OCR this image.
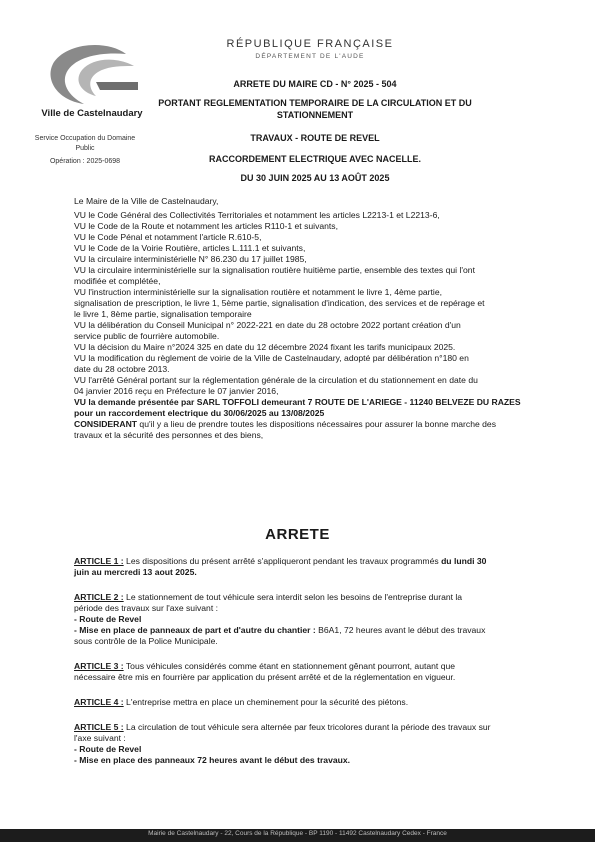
Ville de Castelnaudary
Service Occupation du Domaine Public
Opération : 2025-0698
RÉPUBLIQUE FRANÇAISE
DÉPARTEMENT DE L'AUDE
ARRETE DU MAIRE CD - N° 2025 - 504
PORTANT REGLEMENTATION TEMPORAIRE DE LA CIRCULATION ET DU
STATIONNEMENT
TRAVAUX - ROUTE DE REVEL
RACCORDEMENT ELECTRIQUE AVEC NACELLE.
DU 30 JUIN 2025 AU 13 AOÛT 2025
Le Maire de la Ville de Castelnaudary,
VU le Code Général des Collectivités Territoriales et notamment les articles L2213-1 et L2213-6,
VU le Code de la Route et notamment les articles R110-1 et suivants,
VU le Code Pénal et notamment l'article R.610-5,
VU le Code de la Voirie Routière, articles L.111.1 et suivants,
VU la circulaire interministérielle N° 86.230 du 17 juillet 1985,
VU la circulaire interministérielle sur la signalisation routière huitième partie, ensemble des textes qui l'ont
modifiée et complétée,
VU l'instruction interministérielle sur la signalisation routière et notamment le livre 1, 4ème partie,
signalisation de prescription, le livre 1, 5ème partie, signalisation d'indication, des services et de repérage et
le livre 1, 8ème partie, signalisation temporaire
VU la délibération du Conseil Municipal n° 2022-221 en date du 28 octobre 2022 portant création d'un
service public de fourrière automobile.
VU la décision du Maire n°2024 325 en date du 12 décembre 2024 fixant les tarifs municipaux 2025.
VU la modification du règlement de voirie de la Ville de Castelnaudary, adopté par délibération n°180 en
date du 28 octobre 2013.
VU l'arrêté Général portant sur la réglementation générale de la circulation et du stationnement en date du
04 janvier 2016 reçu en Préfecture le 07 janvier 2016,
VU la demande présentée par SARL TOFFOLI demeurant 7 ROUTE DE L'ARIEGE - 11240 BELVEZE DU RAZES
pour un raccordement electrique du 30/06/2025 au 13/08/2025
CONSIDERANT qu'il y a lieu de prendre toutes les dispositions nécessaires pour assurer la bonne marche des
travaux et la sécurité des personnes et des biens,
ARRETE
ARTICLE 1 : Les dispositions du présent arrêté s'appliqueront pendant les travaux programmés du lundi 30
juin au mercredi 13 aout 2025.
ARTICLE 2 : Le stationnement de tout véhicule sera interdit selon les besoins de l'entreprise durant la
période des travaux sur l'axe suivant :
- Route de Revel
- Mise en place de panneaux de part et d'autre du chantier : B6A1, 72 heures avant le début des travaux
sous contrôle de la Police Municipale.
ARTICLE 3 : Tous véhicules considérés comme étant en stationnement gênant pourront, autant que
nécessaire être mis en fourrière par application du présent arrêté et de la réglementation en vigueur.
ARTICLE 4 : L'entreprise mettra en place un cheminement pour la sécurité des piétons.
ARTICLE 5 : La circulation de tout véhicule sera alternée par feux tricolores durant la période des travaux sur
l'axe suivant :
- Route de Revel
- Mise en place des panneaux 72 heures avant le début des travaux.
Mairie de Castelnaudary - 22, Cours de la République - BP 1190 - 11492 Castelnaudary Cedex - France
